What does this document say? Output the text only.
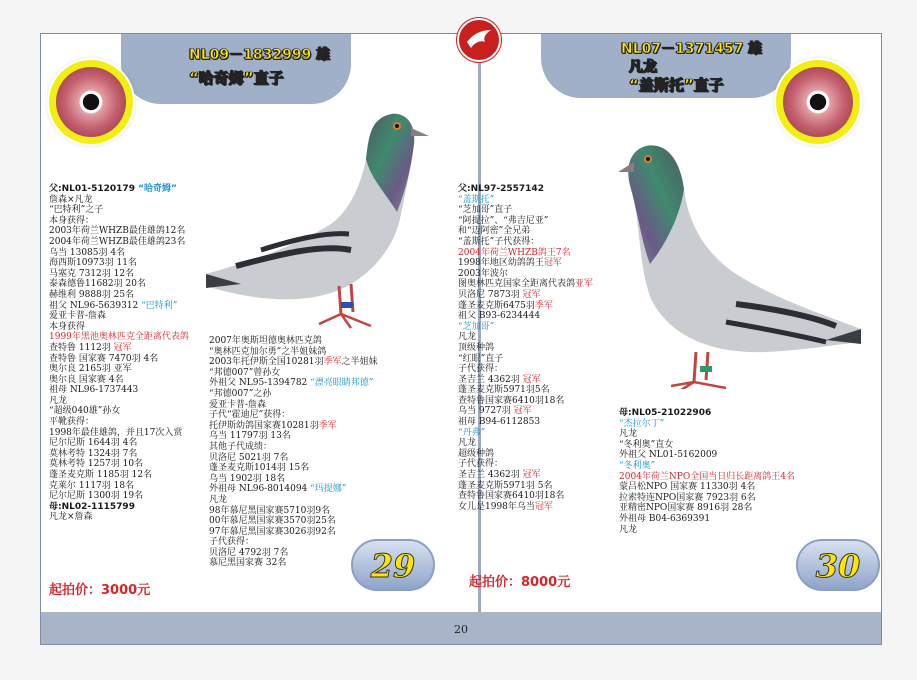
NL09－1832999 雄
“哈奇姆”直子
父:NL01-5120179 “哈奇姆”
詹森×凡龙
“巴特利”之子
本身获得：
2003年荷兰WHZB最佳雄鸽12名
2004年荷兰WHZB最佳雄鸽23名
乌当 13085羽 4名
海西斯10973羽 11名
马塞克 7312羽 12名
泰森德鲁11682羽 20名
赫维利 9888羽 25名
祖父 NL96-5639312 “巴特利”
爱亚卡普-詹森
本身获得
1999年黑池奥林匹克全距离代表鸽
查特鲁 1112羽 冠军
查特鲁 国家赛 7470羽 4名
奥尔良 2165羽 亚军
奥尔良 国家赛 4名
祖母 NL96-1737443
凡龙
“超级040雄”孙女
平靴获得：
1998年最佳雄鸽，并且17次入赏
尼尔尼斯 1644羽 4名
莫林考特 1324羽 7名
莫林考特 1257羽 10名
蓬圣麦克斯 1185羽 12名
克莱尔 1117羽 18名
尼尔尼斯 1300羽 19名
母:NL02-1115799
凡龙×詹森
2007年奥斯坦德奥林匹克鸽
“奥林匹克加尔勇”之半姐妹鸽
2003年托伊斯全国10281羽季军之半姐妹
“邦德007”曾孙女
外祖父 NL95-1394782 “漂亮眼睛邦德”
“邦德007”之孙
爱亚卡普-詹森
子代“霍迪尼”获得：
托伊斯幼鸽国家赛10281羽季军
乌当 11797羽 13名
其他子代成绩：
贝洛尼 5021羽 7名
蓬圣麦克斯1014羽 15名
乌当 1902羽 18名
外祖母 NL96-8014094 “玛提娜”
凡龙
98年慕尼黑国家赛5710羽9名
00年慕尼黑国家赛3570羽25名
97年慕尼黑国家赛3026羽92名
子代获得：
贝洛尼 4792羽 7名
慕尼黑国家赛 32名
起拍价：3000元
29
NL07－1371457 雄
凡龙
“盖斯托”直子
父:NL97-2557142
“盖斯托”
“芝加哥”直子
“阿提拉”、“弗吉尼亚”
和“迈阿密”全兄弟
“盖斯托”子代获得：
2004年荷兰WHZB鸽王7名
1998年地区幼鸽鸽王冠军
2003年波尔
图奥林匹克国家全距离代表鸽亚军
贝洛尼 7873羽 冠军
蓬圣麦克斯6475羽季军
祖父 B93-6234444
“芝加哥”
凡龙
顶级种鸽
“红眼”直子
子代获得：
圣吉兰 4362羽 冠军
蓬圣麦克斯5971羽5名
查特鲁国家赛6410羽18名
乌当 9727羽 冠军
祖母 B94-6112853
“丹弗”
凡龙
超级种鸽
子代获得：
圣吉兰 4362羽 冠军
蓬圣麦克斯5971羽 5名
查特鲁国家赛6410羽18名
女儿是1998年乌当冠军
母:NL05-21022906
“杰拉尔丁”
凡龙
“冬利奥”直女
外祖父 NL01-5162009
“冬利奥”
2004年荷兰NPO全国当日归长距离鸽王4名
蒙吕松NPO 国家赛 11330羽 4名
拉索特连NPO国家赛 7923羽 6名
亚精密NPO国家赛 8916羽 28名
外祖母 B04-6369391
凡龙
起拍价：8000元	30
20
